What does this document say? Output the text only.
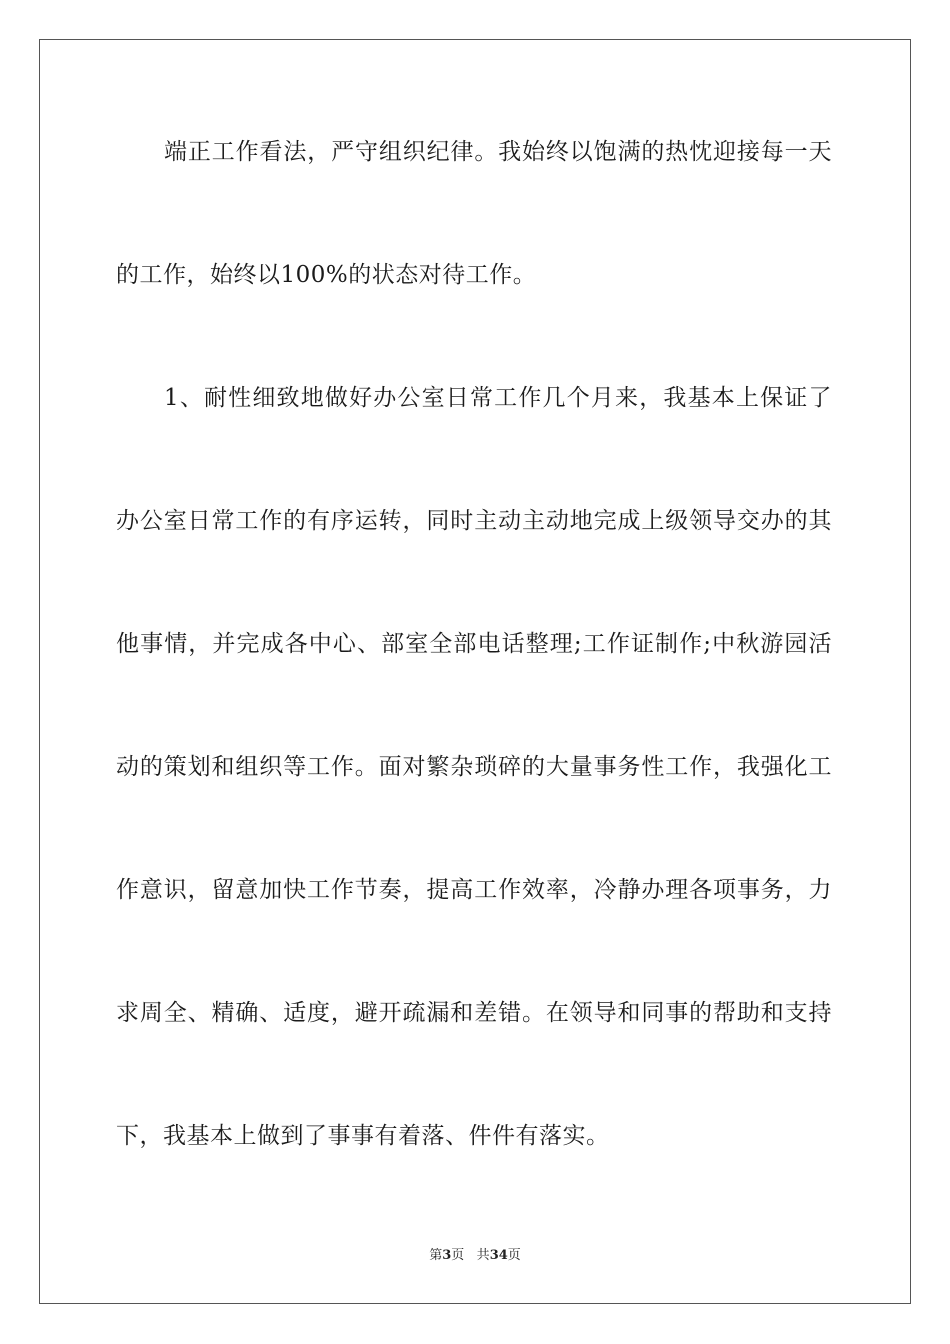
端正工作看法，严守组织纪律。我始终以饱满的热忱迎接每一天
的工作，始终以100%的状态对待工作。
1、耐性细致地做好办公室日常工作几个月来，我基本上保证了
办公室日常工作的有序运转，同时主动主动地完成上级领导交办的其
他事情，并完成各中心、部室全部电话整理;工作证制作;中秋游园活
动的策划和组织等工作。面对繁杂琐碎的大量事务性工作，我强化工
作意识，留意加快工作节奏，提高工作效率，冷静办理各项事务，力
求周全、精确、适度，避开疏漏和差错。在领导和同事的帮助和支持
下，我基本上做到了事事有着落、件件有落实。
第3页 共34页
